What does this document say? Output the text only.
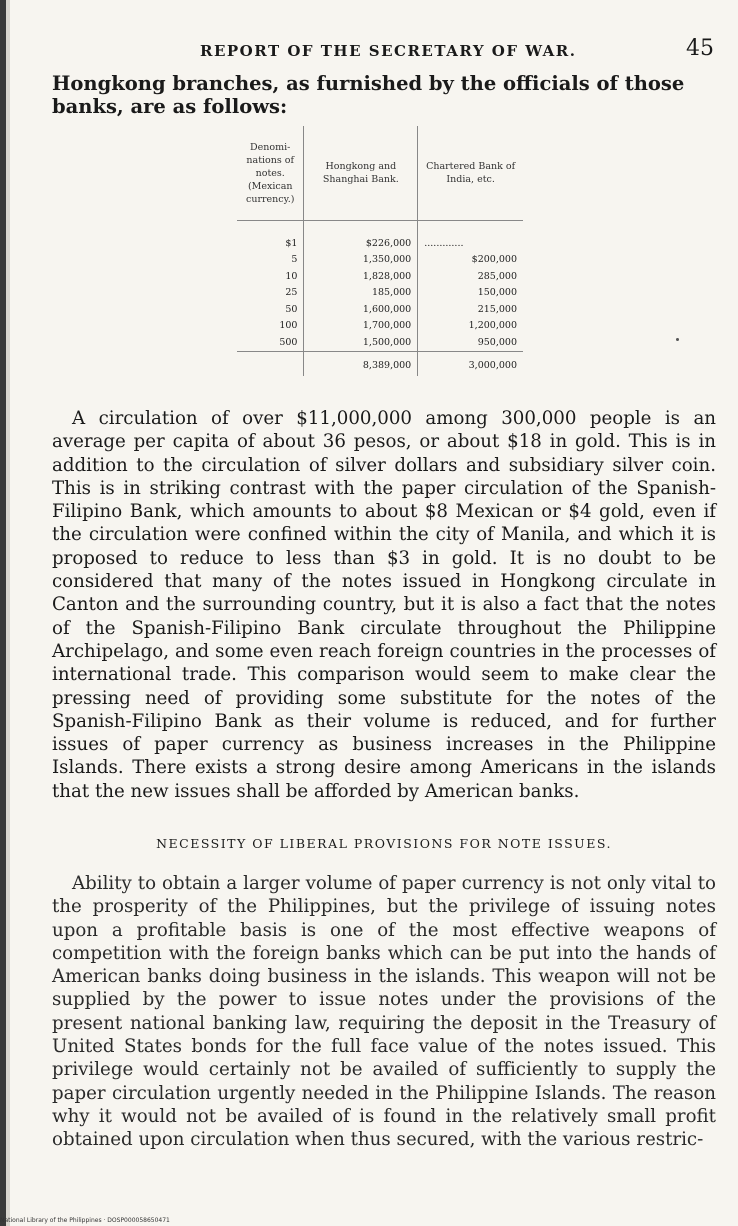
REPORT OF THE SECRETARY OF WAR.	45
Hongkong branches, as furnished by the officials of those banks, are as follows:
Denominations of notes. (Mexican currency.)	Hongkong and Shanghai Bank.	Chartered Bank of India, etc.
$1	$226,000	.............
5	1,350,000	$200,000
10	1,828,000	285,000
25	185,000	150,000
50	1,600,000	215,000
100	1,700,000	1,200,000
500	1,500,000	950,000
	8,389,000	3,000,000

A circulation of over $11,000,000 among 300,000 people is an average per capita of about 36 pesos, or about $18 in gold. This is in addition to the circulation of silver dollars and subsidiary silver coin. This is in striking contrast with the paper circulation of the Spanish-Filipino Bank, which amounts to about $8 Mexican or $4 gold, even if the circulation were confined within the city of Manila, and which it is proposed to reduce to less than $3 in gold. It is no doubt to be considered that many of the notes issued in Hongkong circulate in Canton and the surrounding country, but it is also a fact that the notes of the Spanish-Filipino Bank circulate throughout the Philippine Archipelago, and some even reach foreign countries in the processes of international trade. This comparison would seem to make clear the pressing need of providing some substitute for the notes of the Spanish-Filipino Bank as their volume is reduced, and for further issues of paper currency as business increases in the Philippine Islands. There exists a strong desire among Americans in the islands that the new issues shall be afforded by American banks.

NECESSITY OF LIBERAL PROVISIONS FOR NOTE ISSUES.

Ability to obtain a larger volume of paper currency is not only vital to the prosperity of the Philippines, but the privilege of issuing notes upon a profitable basis is one of the most effective weapons of competition with the foreign banks which can be put into the hands of American banks doing business in the islands. This weapon will not be supplied by the power to issue notes under the provisions of the present national banking law, requiring the deposit in the Treasury of United States bonds for the full face value of the notes issued. This privilege would certainly not be availed of sufficiently to supply the paper circulation urgently needed in the Philippine Islands. The reason why it would not be availed of is found in the relatively small profit obtained upon circulation when thus secured, with the various restric-

National Library of the Philippines · DOSP000058650471
